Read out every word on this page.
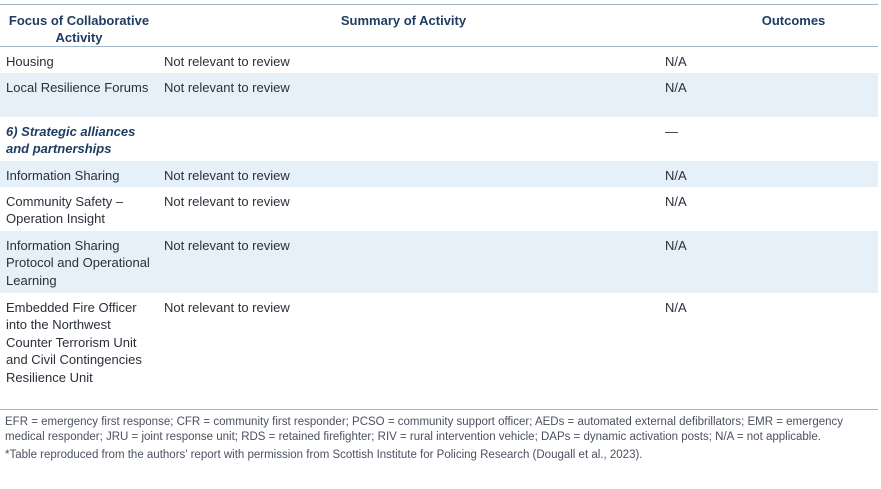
Focus of Collaborative Activity	Summary of Activity	Outcomes
Housing	Not relevant to review	N/A
Local Resilience Forums	Not relevant to review	N/A
6) Strategic alliances and partnerships		—
Information Sharing	Not relevant to review	N/A
Community Safety – Operation Insight	Not relevant to review	N/A
Information Sharing Protocol and Operational Learning	Not relevant to review	N/A
Embedded Fire Officer into the Northwest Counter Terrorism Unit and Civil Contingencies Resilience Unit	Not relevant to review	N/A

EFR = emergency first response; CFR = community first responder; PCSO = community support officer; AEDs = automated external defibrillators; EMR = emergency medical responder; JRU = joint response unit; RDS = retained firefighter; RIV = rural intervention vehicle; DAPs = dynamic activation posts; N/A = not applicable.

*Table reproduced from the authors’ report with permission from Scottish Institute for Policing Research (Dougall et al., 2023).
